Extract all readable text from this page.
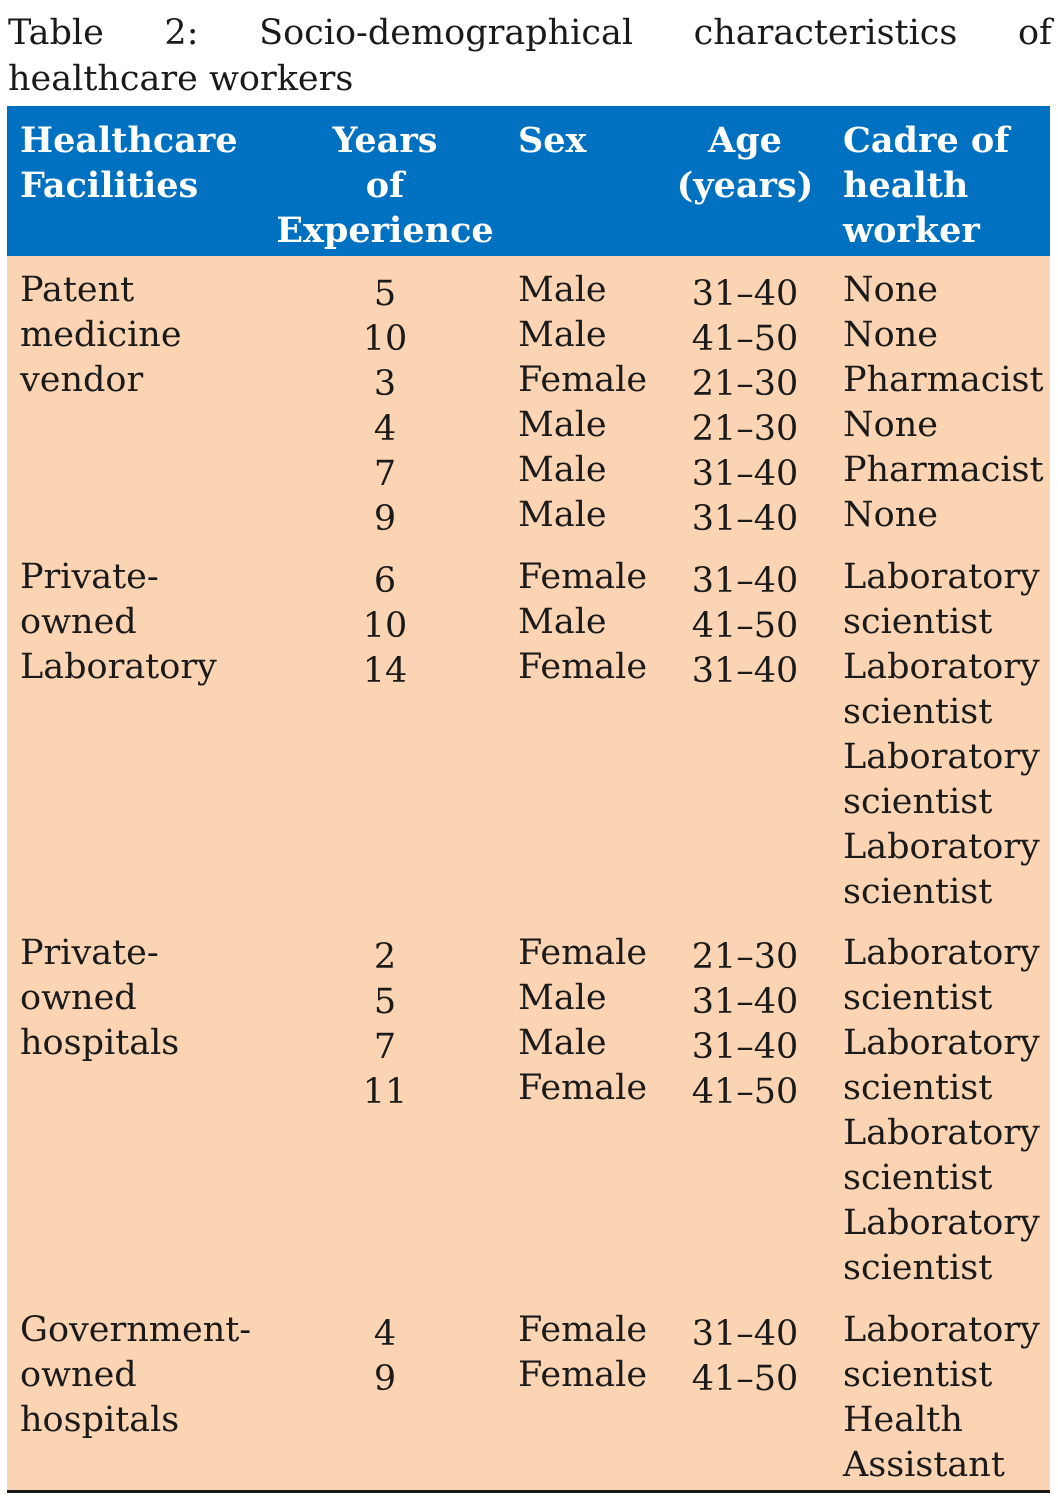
Table 2: Socio-demographical characteristics of healthcare workers

Healthcare
Facilities
Years
of
Experience
Sex	Age
(years)
Cadre of
health
worker
Patent
medicine
vendor
5
10
3
4
7
9
Male
Male
Female
Male
Male
Male
31–40
41–50
21–30
21–30
31–40
31–40
None
None
Pharmacist
None
Pharmacist
None
Private-
owned
Laboratory
6
10
14
Female
Male
Female
31–40
41–50
31–40
Laboratory
scientist
Laboratory
scientist
Laboratory
scientist
Laboratory
scientist
Private-
owned
hospitals
2
5
7
11
Female
Male
Male
Female
21–30
31–40
31–40
41–50
Laboratory
scientist
Laboratory
scientist
Laboratory
scientist
Laboratory
scientist
Government-
owned
hospitals
4
9
Female
Female
31–40
41–50
Laboratory
scientist
Health
Assistant
